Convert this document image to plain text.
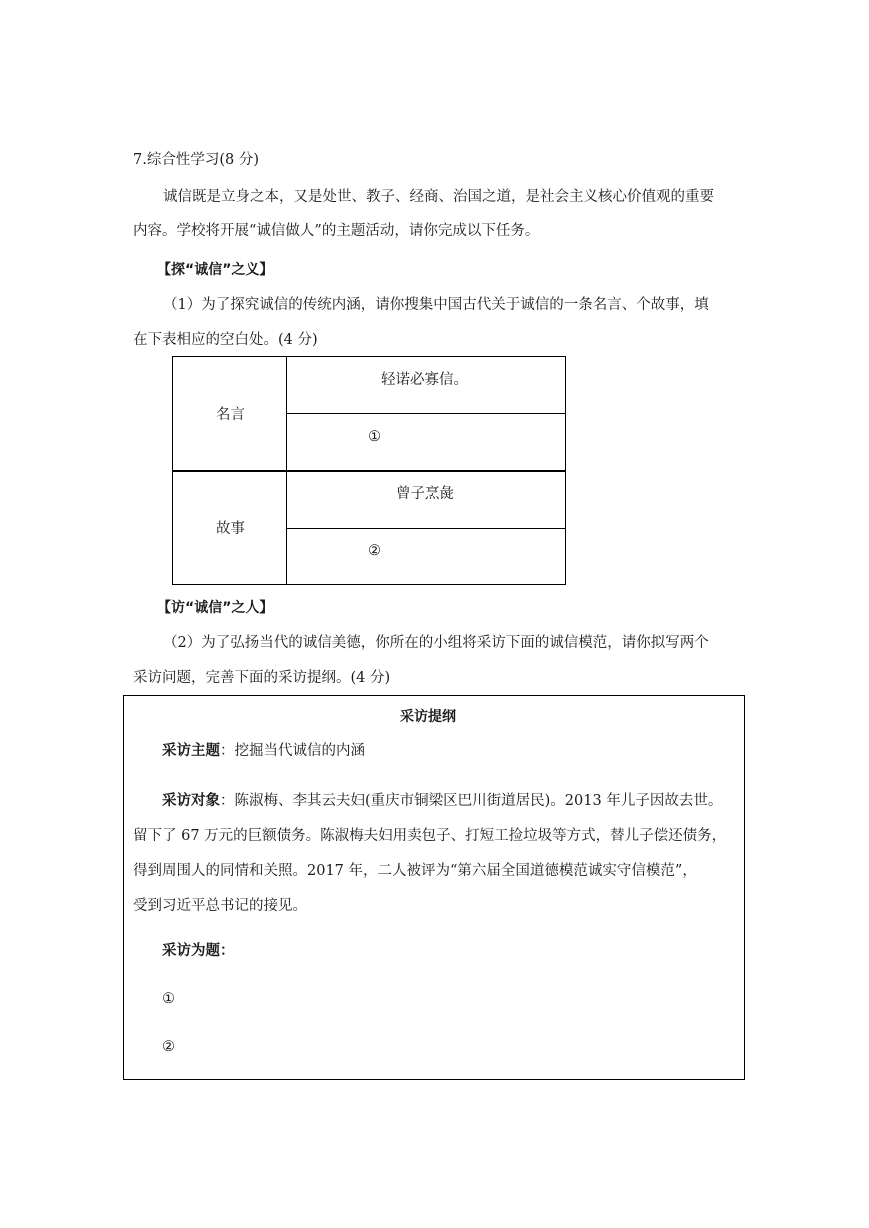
7.综合性学习(8 分)
诚信既是立身之本，又是处世、教子、经商、治国之道，是社会主义核心价值观的重要
内容。学校将开展“诚信做人”的主题活动，请你完成以下任务。
【探“诚信”之义】
（1）为了探究诚信的传统内涵，请你搜集中国古代关于诚信的一条名言、个故事，填
在下表相应的空白处。(4 分)
名言
轻诺必寡信。
①
故事
曾子烹彘
②
【访“诚信”之人】
（2）为了弘扬当代的诚信美德，你所在的小组将采访下面的诚信模范，请你拟写两个
采访问题，完善下面的采访提纲。(4 分)
采访提纲
采访主题：挖掘当代诚信的内涵
采访对象：陈淑梅、李其云夫妇(重庆市铜梁区巴川街道居民)。2013 年儿子因故去世。
留下了 67 万元的巨额债务。陈淑梅夫妇用卖包子、打短工捡垃圾等方式，替儿子偿还债务，
得到周围人的同情和关照。2017 年，二人被评为“第六届全国道德模范诚实守信模范”，
受到习近平总书记的接见。
采访为题：
①
②
